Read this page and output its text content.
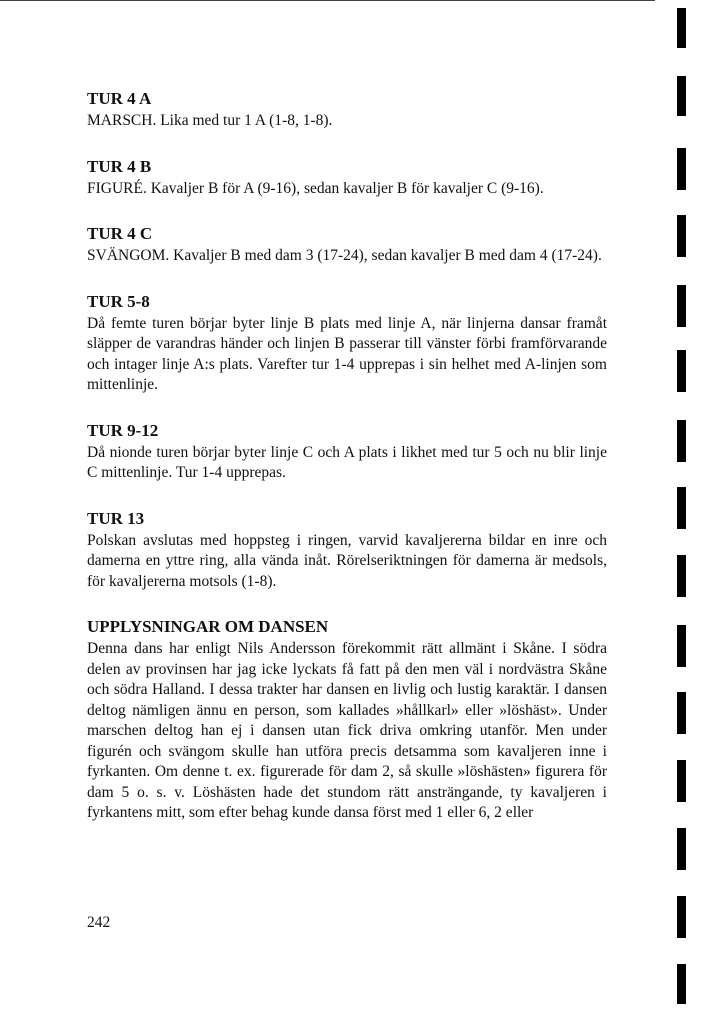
TUR 4 A

MARSCH. Lika med tur 1 A (1-8, 1-8).

TUR 4 B

FIGURÉ. Kavaljer B för A (9-16), sedan kavaljer B för kavaljer C (9-16).

TUR 4 C

SVÄNGOM. Kavaljer B med dam 3 (17-24), sedan kavaljer B med dam 4 (17-24).

TUR 5-8

Då femte turen börjar byter linje B plats med linje A, när linjerna dansar framåt släpper de varandras händer och linjen B passerar till vänster förbi framförvarande och intager linje A:s plats. Varefter tur 1-4 upprepas i sin helhet med A-linjen som mittenlinje.

TUR 9-12

Då nionde turen börjar byter linje C och A plats i likhet med tur 5 och nu blir linje C mittenlinje. Tur 1-4 upprepas.

TUR 13

Polskan avslutas med hoppsteg i ringen, varvid kavaljererna bildar en inre och damerna en yttre ring, alla vända inåt. Rörelseriktningen för damerna är medsols, för kavaljererna motsols (1-8).

UPPLYSNINGAR OM DANSEN

Denna dans har enligt Nils Andersson förekommit rätt allmänt i Skåne. I södra delen av provinsen har jag icke lyckats få fatt på den men väl i nordvästra Skåne och södra Halland. I dessa trakter har dansen en livlig och lustig karaktär. I dansen deltog nämligen ännu en person, som kallades »hållkarl» eller »löshäst». Under marschen deltog han ej i dansen utan fick driva omkring utanför. Men under figurén och svängom skulle han utföra precis detsamma som kavaljeren inne i fyrkanten. Om denne t. ex. figurerade för dam 2, så skulle »löshästen» figurera för dam 5 o. s. v. Löshästen hade det stundom rätt ansträngande, ty kavaljeren i fyrkantens mitt, som efter behag kunde dansa först med 1 eller 6, 2 eller

242
